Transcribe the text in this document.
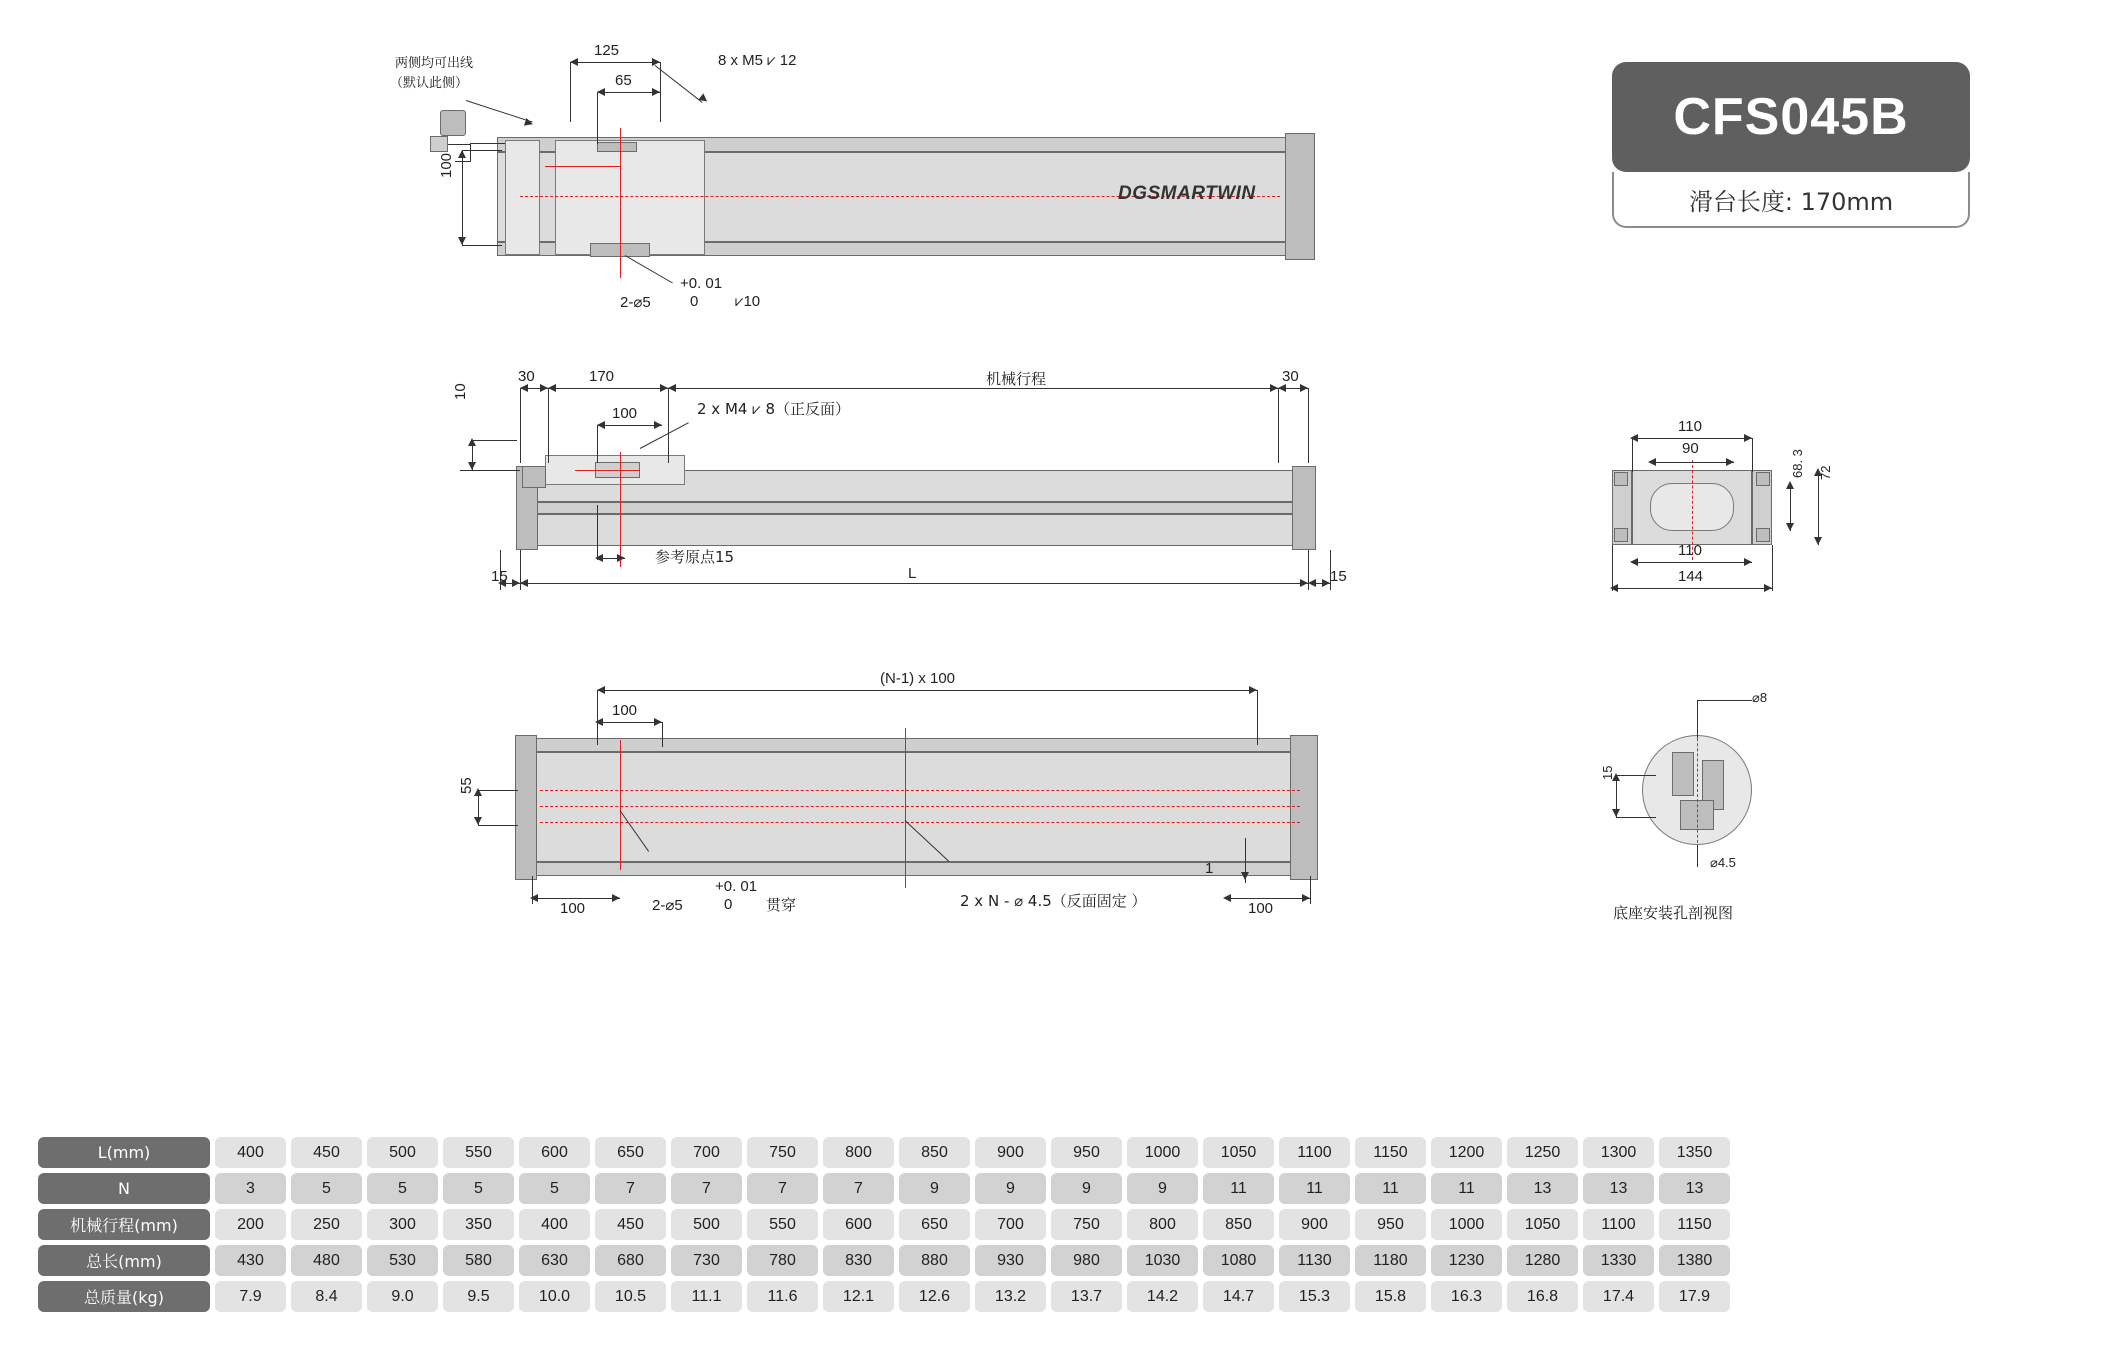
CFS045B
滑台长度: 170mm
两侧均可出线
（默认此侧）
125
65
100
8 x M5 ⩗ 12
+0. 01
2-⌀5	0 ⩗10
DGSMARTWIN
30	170
100
10
2 x M4 ⩗ 8（正反面）
机械行程	30
参考原点15
15	L	15
(N-1) x 100
100
55
100	100
1
+0. 01
2-⌀5	0 贯穿	2 x N - ⌀ 4.5（反面固定 ）
110
90
68. 3 72
110
144
⌀8
15
⌀4.5
底座安装孔剖视图
L(mm)	400	450	500	550	600	650	700	750	800	850	900	950	1000	1050	1100	1150	1200	1250	1300	1350
N	3	5	5	5	5	7	7	7	7	9	9	9	9	11	11	11	11	13	13	13
机械行程(mm)	200	250	300	350	400	450	500	550	600	650	700	750	800	850	900	950	1000	1050	1100	1150
总长(mm)	430	480	530	580	630	680	730	780	830	880	930	980	1030	1080	1130	1180	1230	1280	1330	1380
总质量(kg)	7.9	8.4	9.0	9.5	10.0	10.5	11.1	11.6	12.1	12.6	13.2	13.7	14.2	14.7	15.3	15.8	16.3	16.8	17.4	17.9
